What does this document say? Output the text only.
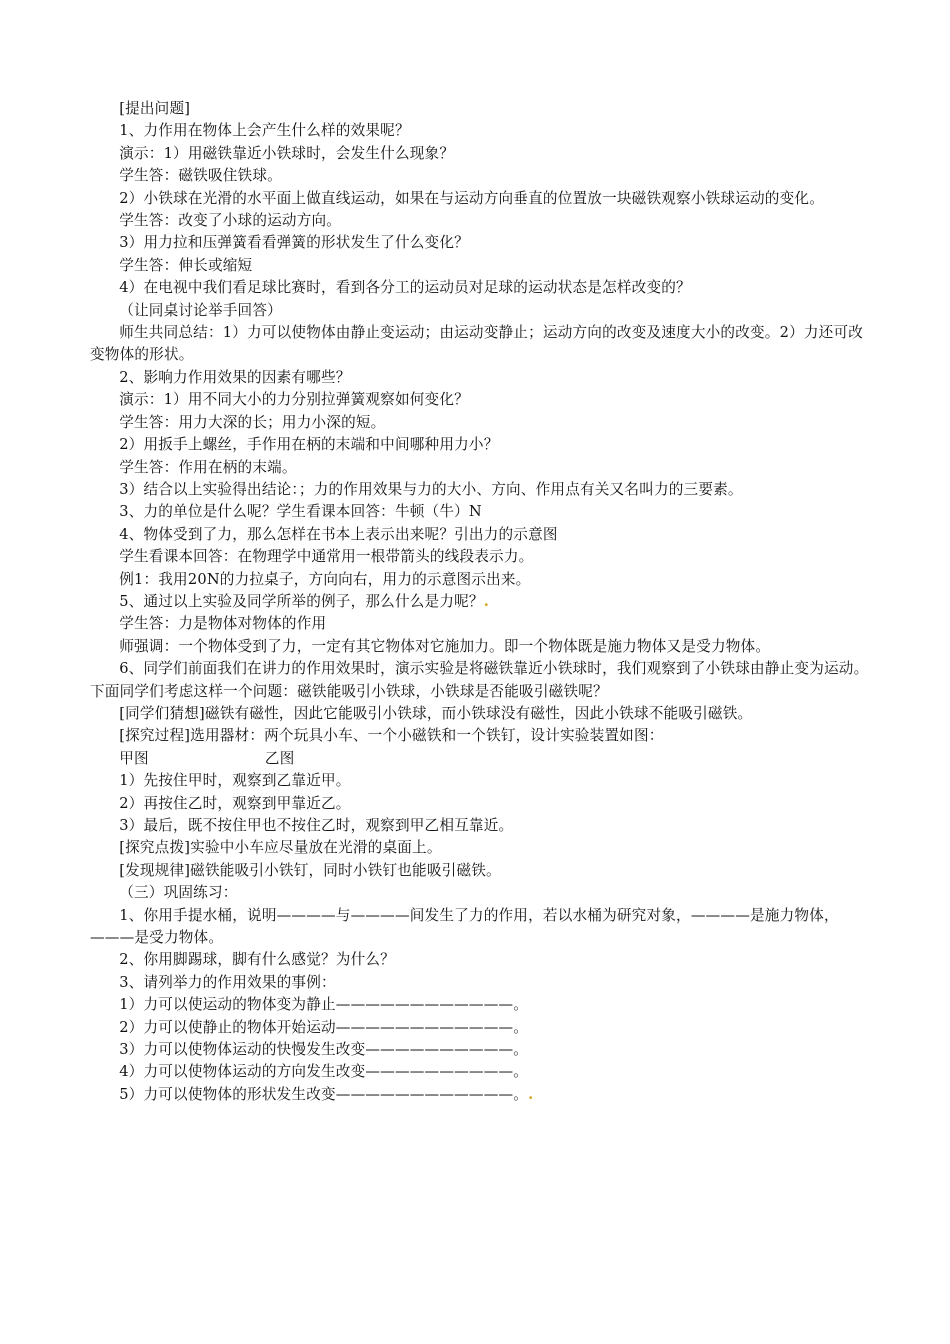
[提出问题]

1、力作用在物体上会产生什么样的效果呢？

演示：1）用磁铁靠近小铁球时，会发生什么现象？

学生答：磁铁吸住铁球。

2）小铁球在光滑的水平面上做直线运动，如果在与运动方向垂直的位置放一块磁铁观察小铁球运动的变化。

学生答：改变了小球的运动方向。

3）用力拉和压弹簧看看弹簧的形状发生了什么变化？

学生答：伸长或缩短

4）在电视中我们看足球比赛时，看到各分工的运动员对足球的运动状态是怎样改变的？

（让同桌讨论举手回答）

师生共同总结：1）力可以使物体由静止变运动；由运动变静止；运动方向的改变及速度大小的改变。2）力还可改变物体的形状。

2、影响力作用效果的因素有哪些？

演示：1）用不同大小的力分别拉弹簧观察如何变化？

学生答：用力大深的长；用力小深的短。

2）用扳手上螺丝，手作用在柄的末端和中间哪种用力小？

学生答：作用在柄的末端。

3）结合以上实验得出结论：；力的作用效果与力的大小、方向、作用点有关又名叫力的三要素。

3、力的单位是什么呢？学生看课本回答：牛顿（牛）N

4、物体受到了力，那么怎样在书本上表示出来呢？引出力的示意图

学生看课本回答：在物理学中通常用一根带箭头的线段表示力。

例1：我用20N的力拉桌子，方向向右，用力的示意图示出来。

5、通过以上实验及同学所举的例子，那么什么是力呢？.

学生答：力是物体对物体的作用

师强调：一个物体受到了力，一定有其它物体对它施加力。即一个物体既是施力物体又是受力物体。

6、同学们前面我们在讲力的作用效果时，演示实验是将磁铁靠近小铁球时，我们观察到了小铁球由静止变为运动。下面同学们考虑这样一个问题：磁铁能吸引小铁球，小铁球是否能吸引磁铁呢？

[同学们猜想]磁铁有磁性，因此它能吸引小铁球，而小铁球没有磁性，因此小铁球不能吸引磁铁。

[探究过程]选用器材：两个玩具小车、一个小磁铁和一个铁钉，设计实验装置如图：

甲图                        乙图

1）先按住甲时，观察到乙靠近甲。

2）再按住乙时，观察到甲靠近乙。

3）最后，既不按住甲也不按住乙时，观察到甲乙相互靠近。

[探究点拨]实验中小车应尽量放在光滑的桌面上。

[发现规律]磁铁能吸引小铁钉，同时小铁钉也能吸引磁铁。

（三）巩固练习：

1、你用手提水桶，说明————与————间发生了力的作用，若以水桶为研究对象，————是施力物体，———是受力物体。

2、你用脚踢球，脚有什么感觉？为什么？

3、请列举力的作用效果的事例：

1）力可以使运动的物体变为静止————————————。

2）力可以使静止的物体开始运动————————————。

3）力可以使物体运动的快慢发生改变——————————。

4）力可以使物体运动的方向发生改变——————————。

5）力可以使物体的形状发生改变————————————。.
